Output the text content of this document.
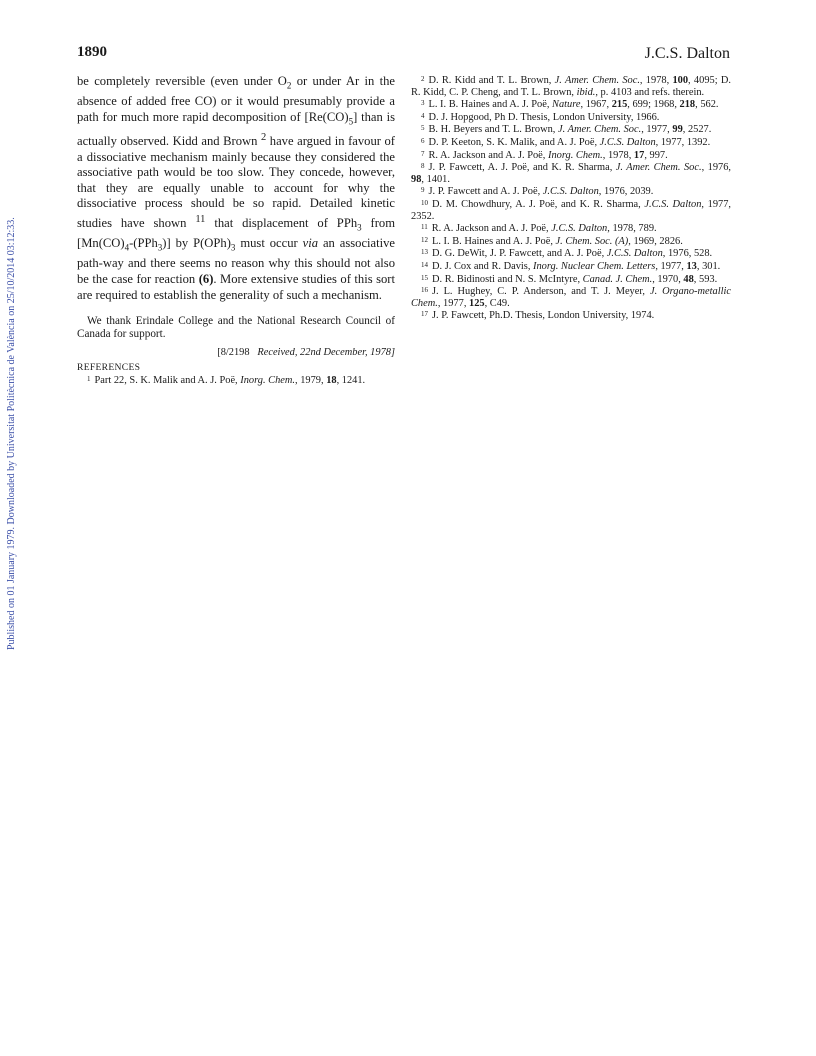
Published on 01 January 1979. Downloaded by Universitat Politècnica de València on 25/10/2014 03:12:33.
1890	J.C.S. Dalton

be completely reversible (even under $O_2$ or under Ar in the absence of added free CO) or it would presumably provide a path for much more rapid decomposition of $[Re(CO)_5]$ than is actually observed. Kidd and Brown $^2$ have argued in favour of a dissociative mechanism mainly because they considered the associative path would be too slow. They concede, however, that they are equally unable to account for why the dissociative process should be so rapid. Detailed kinetic studies have shown $^{11}$ that displacement of PPh$_3$ from $[Mn(CO)_4-(PPh_3)]$ by $P(OPh)_3$ must occur via an associative path-way and there seems no reason why this should not also be the case for reaction (6). More extensive studies of this sort are required to establish the generality of such a mechanism.

We thank Erindale College and the National Research Council of Canada for support.

[8/2198 Received, 22nd December, 1978]
REFERENCES

1 Part 22, S. K. Malik and A. J. Poë, Inorg. Chem., 1979, 18, 1241.

2 D. R. Kidd and T. L. Brown, J. Amer. Chem. Soc., 1978, 100, 4095; D. R. Kidd, C. P. Cheng, and T. L. Brown, ibid., p. 4103 and refs. therein.

3 L. I. B. Haines and A. J. Poë, Nature, 1967, 215, 699; 1968, 218, 562.

4 D. J. Hopgood, Ph D. Thesis, London University, 1966.

5 B. H. Beyers and T. L. Brown, J. Amer. Chem. Soc., 1977, 99, 2527.

6 D. P. Keeton, S. K. Malik, and A. J. Poë, J.C.S. Dalton, 1977, 1392.

7 R. A. Jackson and A. J. Poë, Inorg. Chem., 1978, 17, 997.

8 J. P. Fawcett, A. J. Poë, and K. R. Sharma, J. Amer. Chem. Soc., 1976, 98, 1401.

9 J. P. Fawcett and A. J. Poë, J.C.S. Dalton, 1976, 2039.

10 D. M. Chowdhury, A. J. Poë, and K. R. Sharma, J.C.S. Dalton, 1977, 2352.

11 R. A. Jackson and A. J. Poë, J.C.S. Dalton, 1978, 789.

12 L. I. B. Haines and A. J. Poë, J. Chem. Soc. (A), 1969, 2826.

13 D. G. DeWit, J. P. Fawcett, and A. J. Poë, J.C.S. Dalton, 1976, 528.

14 D. J. Cox and R. Davis, Inorg. Nuclear Chem. Letters, 1977, 13, 301.

15 D. R. Bidinosti and N. S. McIntyre, Canad. J. Chem., 1970, 48, 593.

16 J. L. Hughey, C. P. Anderson, and T. J. Meyer, J. Organo-metallic Chem., 1977, 125, C49.

17 J. P. Fawcett, Ph.D. Thesis, London University, 1974.
